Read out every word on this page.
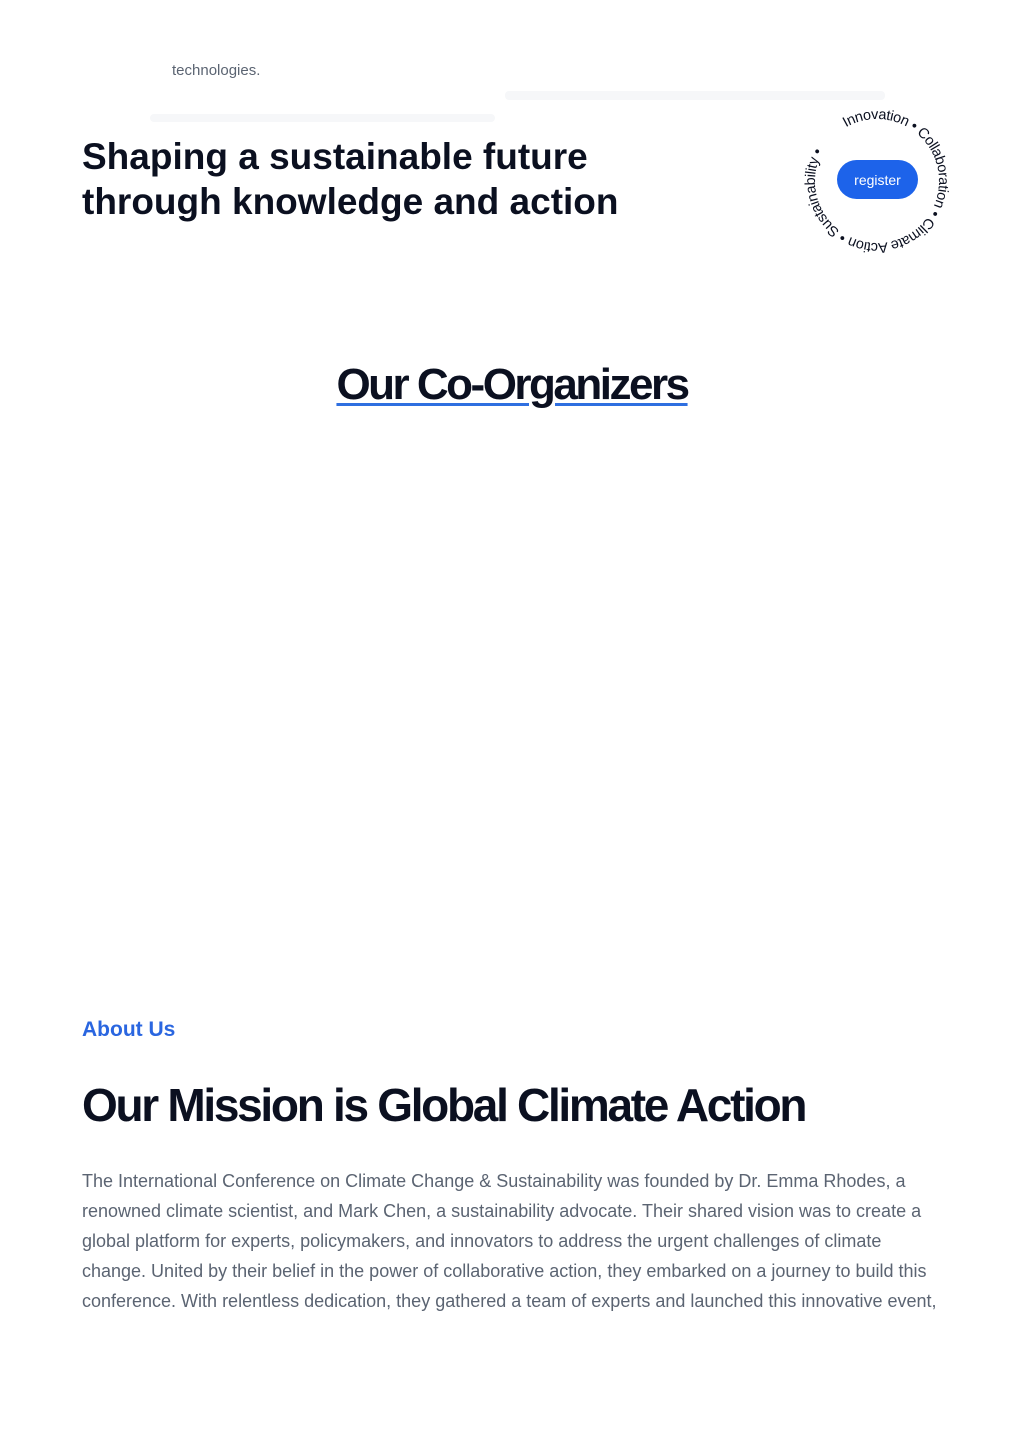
technologies.
Shaping a sustainable future
through knowledge and action
Innovation • Collaboration • Climate Action • Sustainability •
register
Our Co-Organizers

About Us

Our Mission is Global Climate Action

The International Conference on Climate Change & Sustainability was founded by Dr. Emma Rhodes, a renowned climate scientist, and Mark Chen, a sustainability advocate. Their shared vision was to create a global platform for experts, policymakers, and innovators to address the urgent challenges of climate change. United by their belief in the power of collaborative action, they embarked on a journey to build this conference. With relentless dedication, they gathered a team of experts and launched this innovative event,
